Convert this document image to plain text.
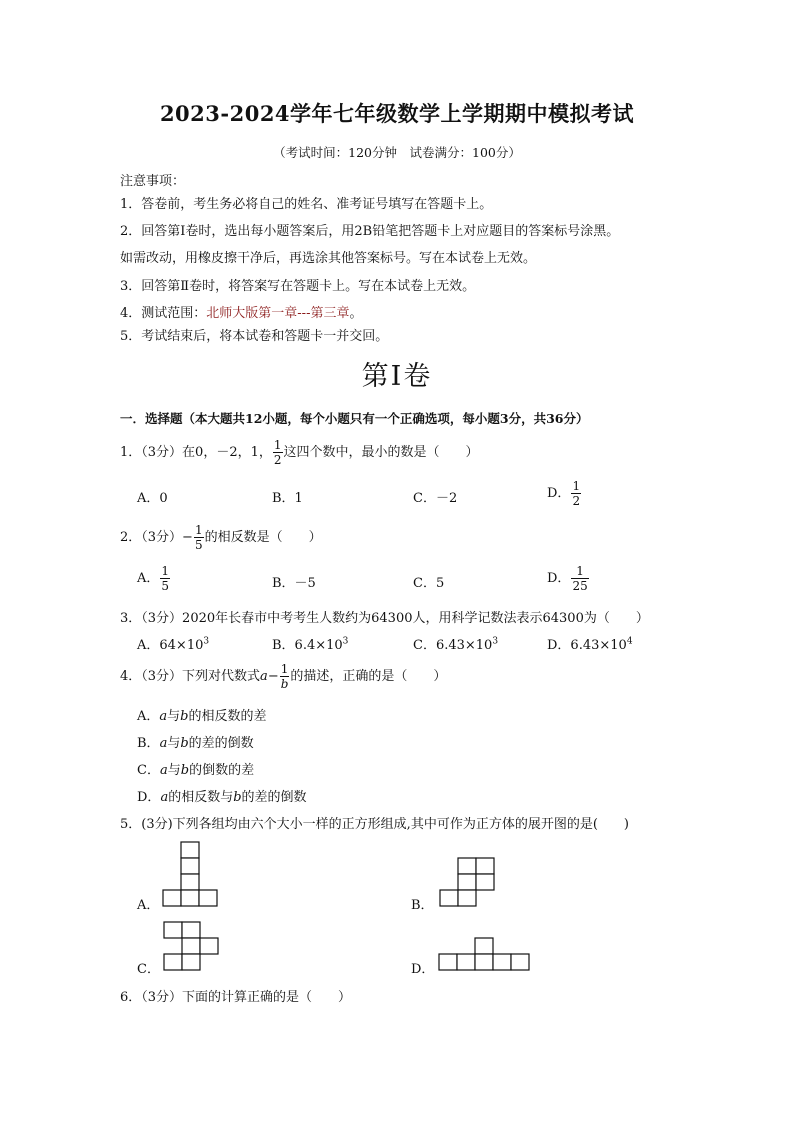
2023-2024学年七年级数学上学期期中模拟考试
（考试时间：120分钟　试卷满分：100分）
注意事项：
1．答卷前，考生务必将自己的姓名、准考证号填写在答题卡上。
2．回答第Ⅰ卷时，选出每小题答案后，用2B铅笔把答题卡上对应题目的答案标号涂黑。
如需改动，用橡皮擦干净后，再选涂其他答案标号。写在本试卷上无效。
3．回答第Ⅱ卷时，将答案写在答题卡上。写在本试卷上无效。
4．测试范围：北师大版第一章---第三章。
5．考试结束后，将本试卷和答题卡一并交回。
第Ⅰ卷
一．选择题（本大题共12小题，每个小题只有一个正确选项，每小题3分，共36分）
1．（3分）在0，－2，1， $\frac{1}{2}$ 这四个数中，最小的数是（　　）
A．0	B．1	C．－2	D． $\frac{1}{2}$
2．（3分）− $\frac{1}{5}$ 的相反数是（　　）
A． $\frac{1}{5}$	B．－5	C．5	D． $\frac{1}{25}$
3．（3分）2020年长春市中考考生人数约为64300人，用科学记数法表示64300为（　　）
A．$64\times 10^3$	B．$6.4\times 10^3$	C．$6.43\times 10^3$	D．$6.43\times 10^4$
4．（3分）下列对代数式$a- \frac{1}{b}$ 的描述，正确的是（　　）
A．a与b的相反数的差
B．a与b的差的倒数
C．a与b的倒数的差
D．a的相反数与b的差的倒数
5．(3分)下列各组均由六个大小一样的正方形组成,其中可作为正方体的展开图的是(　　)
A．	B．
C．	D．
6．（3分）下面的计算正确的是（　　）
